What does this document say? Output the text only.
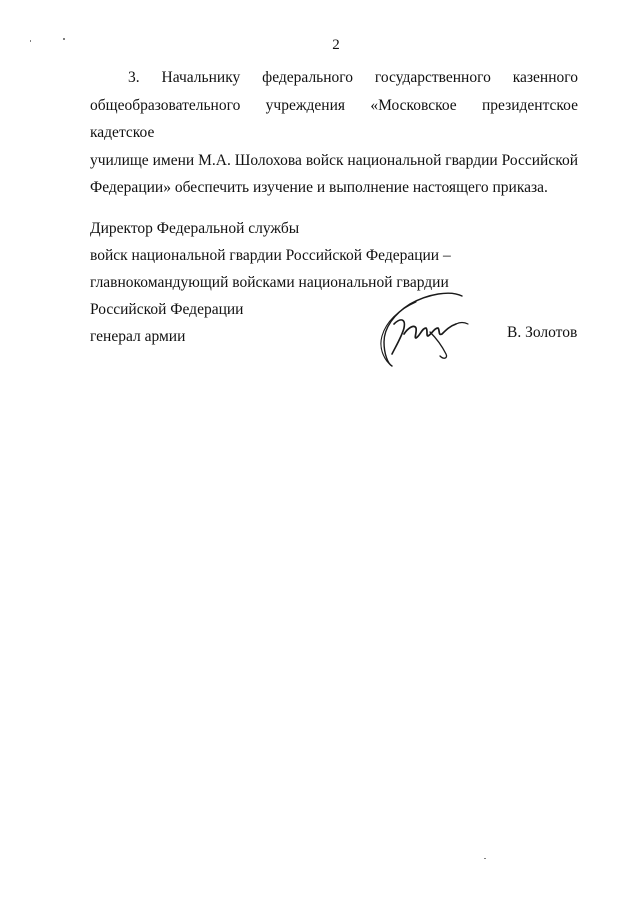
2
3. Начальнику федерального государственного казенного
общеобразовательного учреждения «Московское президентское кадетское
училище имени М.А. Шолохова войск национальной гвардии Российской
Федерации» обеспечить изучение и выполнение настоящего приказа.
Директор Федеральной службы
войск национальной гвардии Российской Федерации –
главнокомандующий войсками национальной гвардии
Российской Федерации
генерал армии	В. Золотов
